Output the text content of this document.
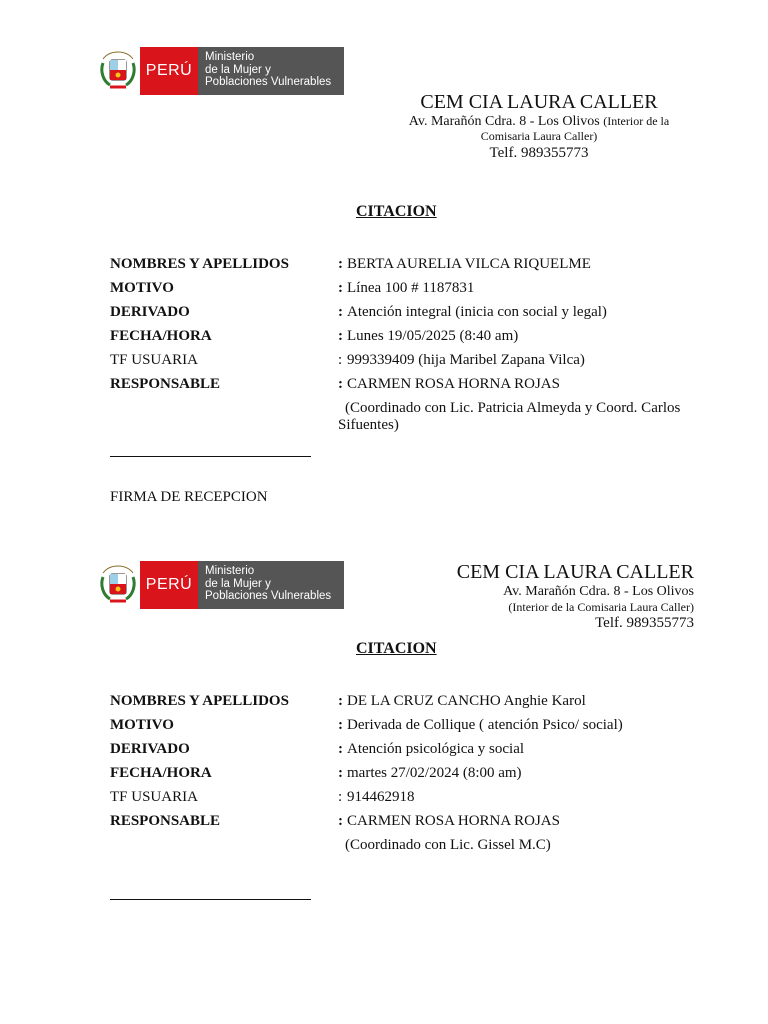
PERÚ
Ministerio
de la Mujer y
Poblaciones Vulnerables
CEM CIA LAURA CALLER
Av. Marañón Cdra. 8 - Los Olivos (Interior de la
Comisaria Laura Caller)
Telf. 989355773
CITACION
NOMBRES Y APELLIDOS	: BERTA AURELIA VILCA RIQUELME
MOTIVO	: Línea 100 # 1187831
DERIVADO	: Atención integral (inicia con social y legal)
FECHA/HORA	: Lunes 19/05/2025 (8:40 am)
TF USUARIA	: 999339409 (hija Maribel Zapana Vilca)
RESPONSABLE	: CARMEN ROSA HORNA ROJAS
(Coordinado con Lic. Patricia Almeyda y Coord. Carlos Sifuentes)
FIRMA DE RECEPCION
PERÚ
Ministerio
de la Mujer y
Poblaciones Vulnerables
CEM CIA LAURA CALLER
Av. Marañón Cdra. 8 - Los Olivos
(Interior de la Comisaria Laura Caller)
Telf. 989355773
CITACION
NOMBRES Y APELLIDOS	: DE LA CRUZ CANCHO Anghie Karol
MOTIVO	: Derivada de Collique ( atención Psico/ social)
DERIVADO	: Atención psicológica y social
FECHA/HORA	: martes 27/02/2024 (8:00 am)
TF USUARIA	: 914462918
RESPONSABLE	: CARMEN ROSA HORNA ROJAS
(Coordinado con Lic. Gissel M.C)
